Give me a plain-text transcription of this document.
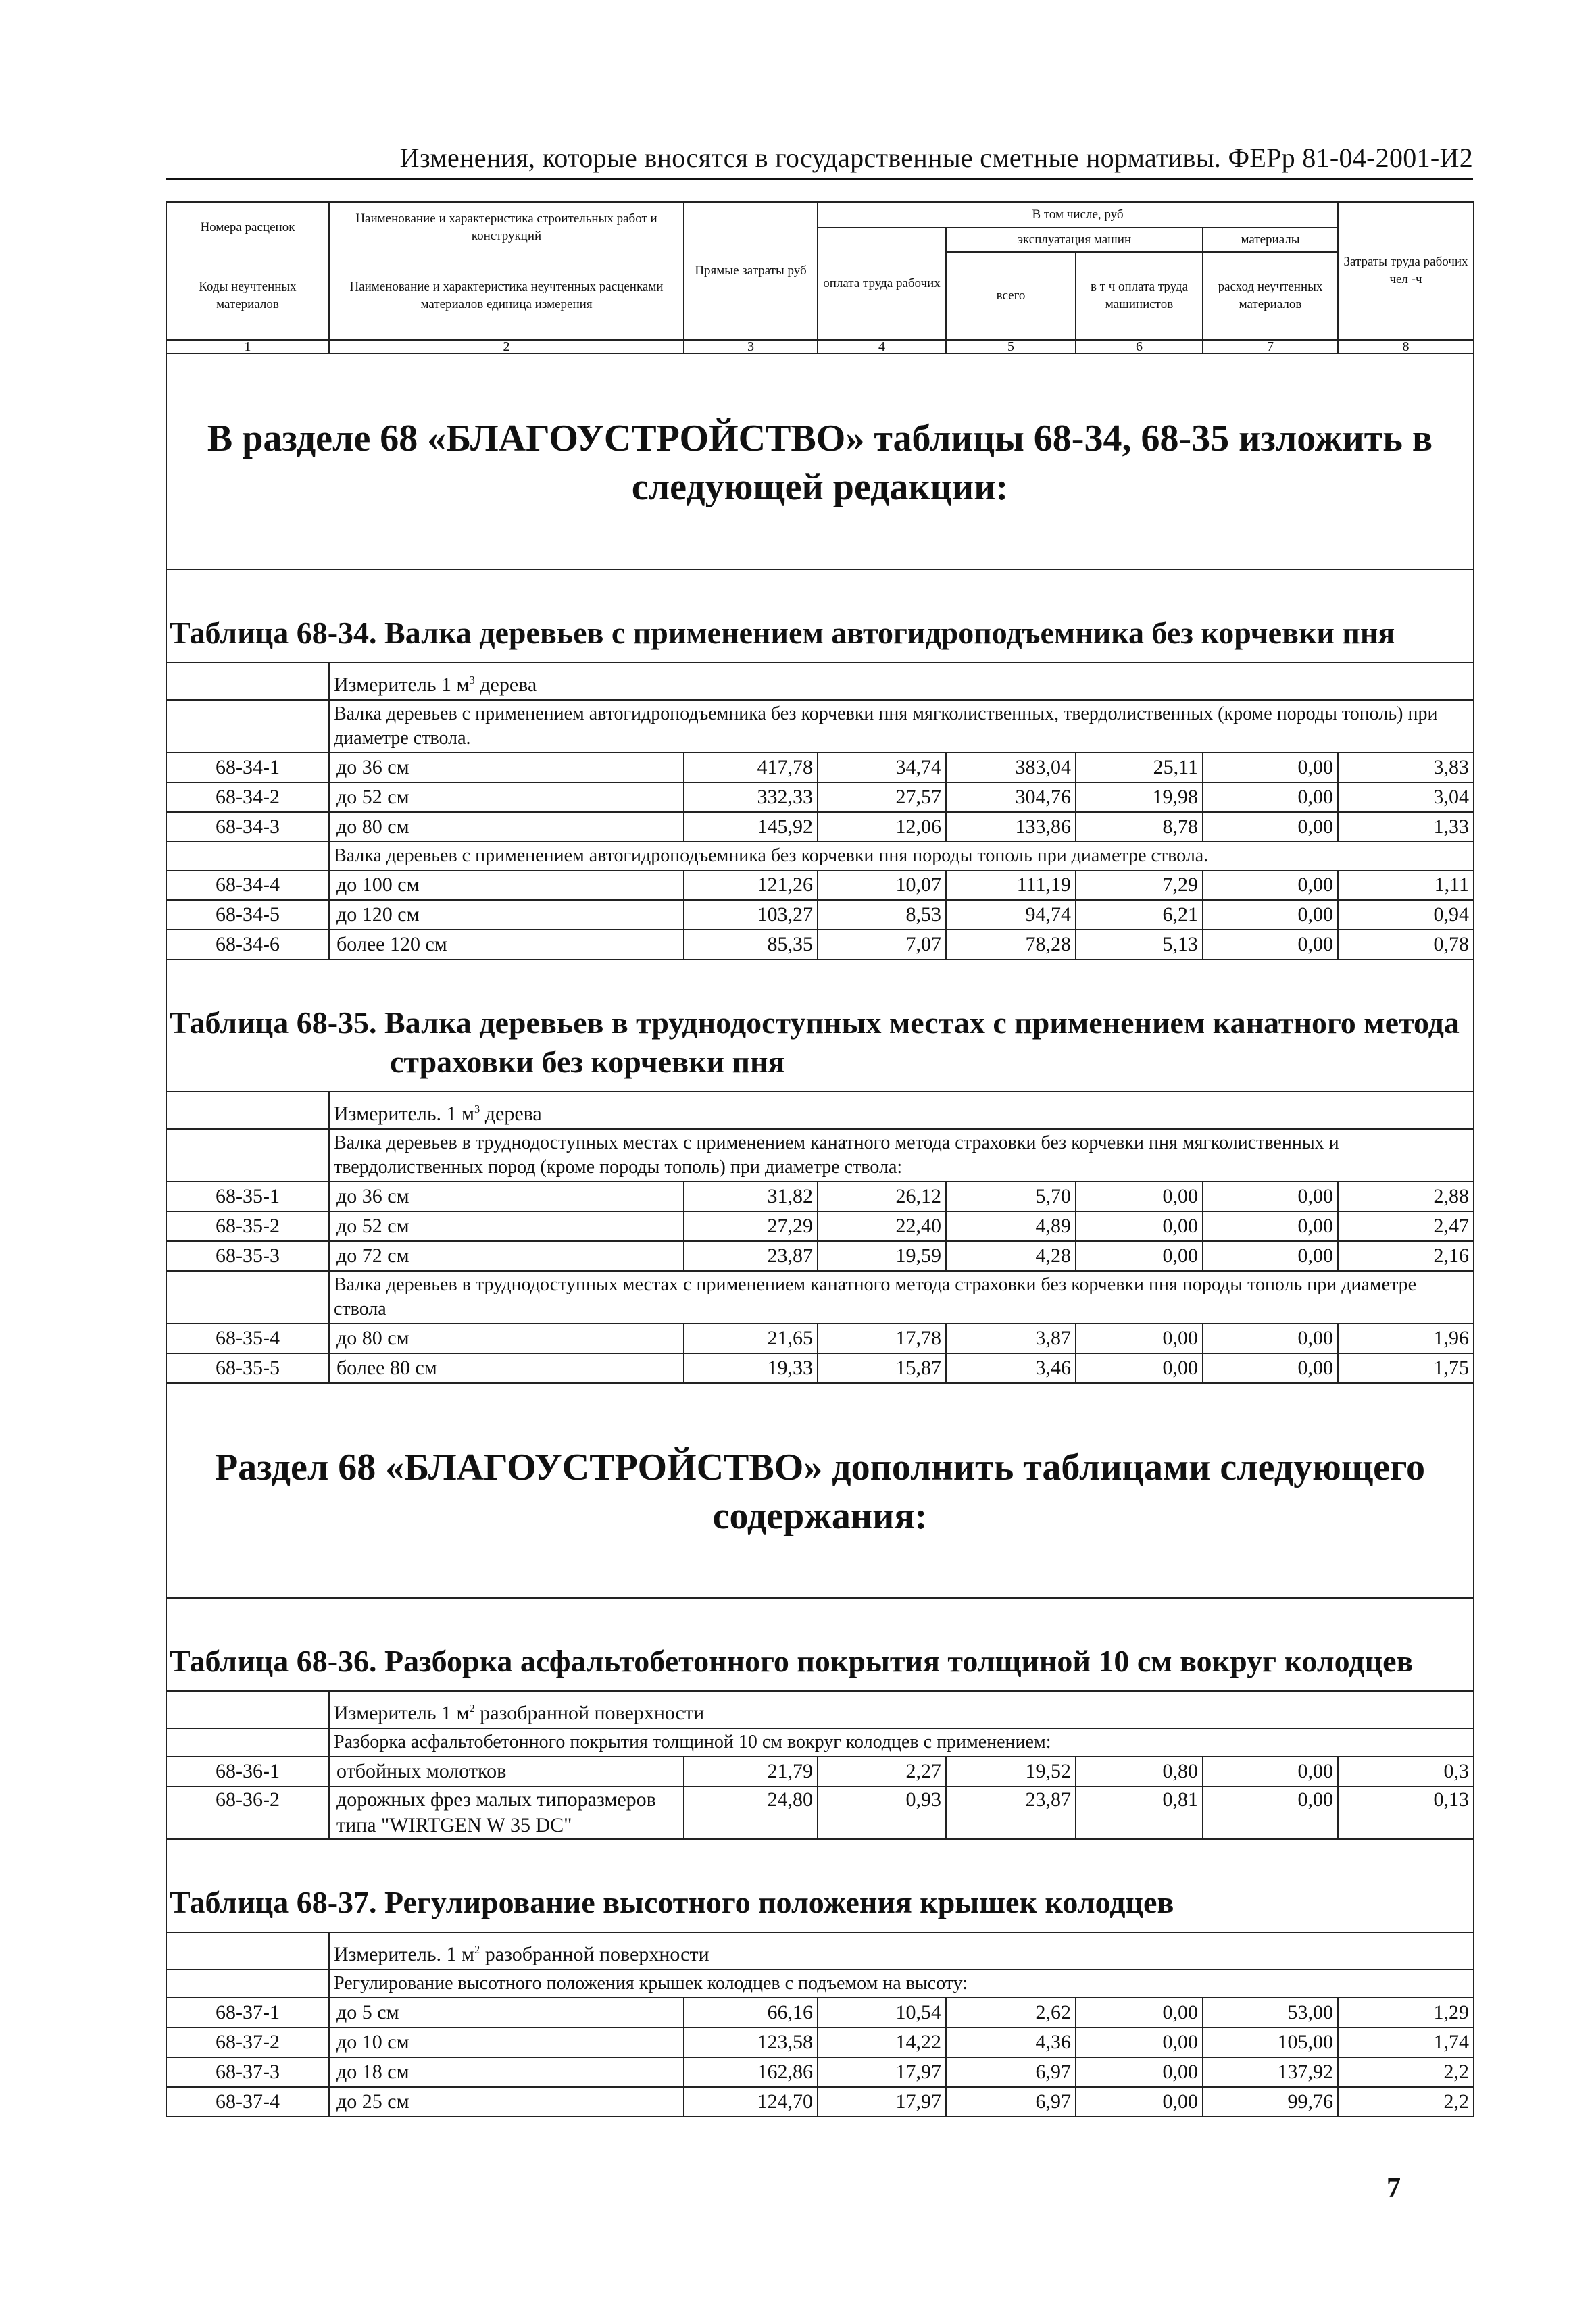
Изменения, которые вносятся в государственные сметные нормативы. ФЕРр 81-04-2001-И2
Номера расценок	Наименование и характеристика строительных работ и конструкций	Прямые затраты руб	В том числе, руб				Затраты труда рабочих чел -ч
			оплата труда рабочих	эксплуатация машин		материалы	
Коды неучтенных материалов	Наименование и характеристика неучтенных расценками материалов единица измерения			всего	в т ч оплата труда машинистов	расход неучтенных материалов	

1	2	3	4	5	6	7	8
В разделе 68 «БЛАГОУСТРОЙСТВО» таблицы 68-34, 68-35 изложить в следующей редакции:							
Таблица 68-34. Валка деревьев с применением автогидроподъемника без корчевки пня							
	Измеритель 1 $м^3$ дерева						
	Валка деревьев с применением автогидроподъемника без корчевки пня мягколиственных, твердолиственных (кроме породы тополь) при диаметре ствола.						
68-34-1	до 36 см	417,78	34,74	383,04	25,11	0,00	3,83
68-34-2	до 52 см	332,33	27,57	304,76	19,98	0,00	3,04
68-34-3	до 80 см	145,92	12,06	133,86	8,78	0,00	1,33
	Валка деревьев с применением автогидроподъемника без корчевки пня породы тополь при диаметре ствола.						
68-34-4	до 100 см	121,26	10,07	111,19	7,29	0,00	1,11
68-34-5	до 120 см	103,27	8,53	94,74	6,21	0,00	0,94
68-34-6	более 120 см	85,35	7,07	78,28	5,13	0,00	0,78
Таблица 68-35. Валка деревьев в труднодоступных местах с применением канатного метода							
страховки без корчевки пня							
	Измеритель. 1 $м^3$ дерева						
	Валка деревьев в труднодоступных местах с применением канатного метода страховки без корчевки пня мягколиственных и твердолиственных пород (кроме породы тополь) при диаметре ствола:						
68-35-1	до 36 см	31,82	26,12	5,70	0,00	0,00	2,88
68-35-2	до 52 см	27,29	22,40	4,89	0,00	0,00	2,47
68-35-3	до 72 см	23,87	19,59	4,28	0,00	0,00	2,16
	Валка деревьев в труднодоступных местах с применением канатного метода страховки без корчевки пня породы тополь при диаметре ствола						
68-35-4	до 80 см	21,65	17,78	3,87	0,00	0,00	1,96
68-35-5	более 80 см	19,33	15,87	3,46	0,00	0,00	1,75
Раздел 68 «БЛАГОУСТРОЙСТВО» дополнить таблицами следующего содержания:							
Таблица 68-36. Разборка асфальтобетонного покрытия толщиной 10 см вокруг колодцев							
	Измеритель 1 $м^2$ разобранной поверхности						
	Разборка асфальтобетонного покрытия толщиной 10 см вокруг колодцев с применением:						
68-36-1	отбойных молотков	21,79	2,27	19,52	0,80	0,00	0,3
68-36-2	дорожных фрез малых типоразмеров типа "WIRTGEN W 35 DC"	24,80	0,93	23,87	0,81	0,00	0,13
Таблица 68-37. Регулирование высотного положения крышек колодцев							
	Измеритель. 1 $м^2$ разобранной поверхности						
	Регулирование высотного положения крышек колодцев с подъемом на высоту:						
68-37-1	до 5 см	66,16	10,54	2,62	0,00	53,00	1,29
68-37-2	до 10 см	123,58	14,22	4,36	0,00	105,00	1,74
68-37-3	до 18 см	162,86	17,97	6,97	0,00	137,92	2,2
68-37-4	до 25 см	124,70	17,97	6,97	0,00	99,76	2,2
7
